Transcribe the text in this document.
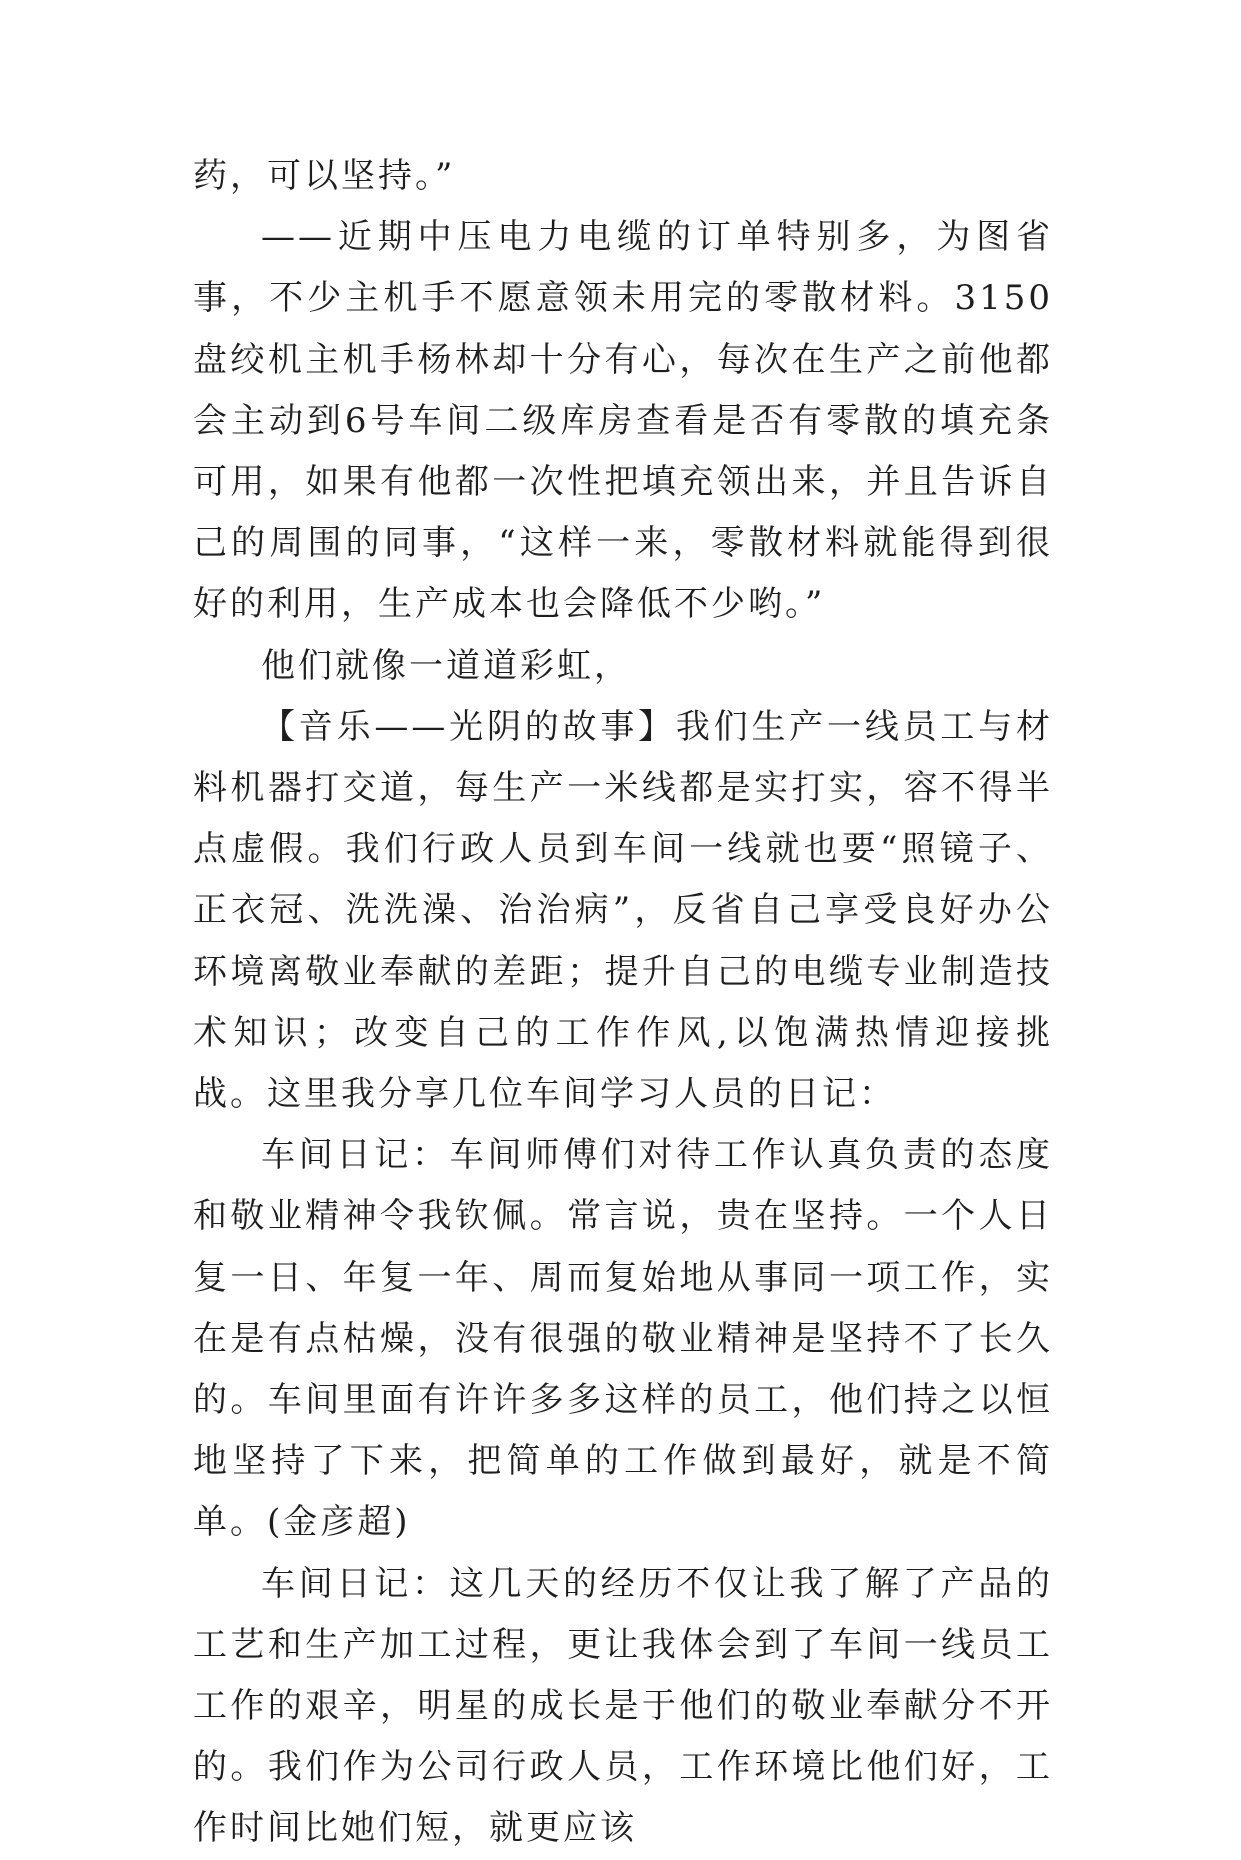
药，可以坚持。”

——近期中压电力电缆的订单特别多，为图省事，不少主机手不愿意领未用完的零散材料。3150盘绞机主机手杨林却十分有心，每次在生产之前他都会主动到6号车间二级库房查看是否有零散的填充条可用，如果有他都一次性把填充领出来，并且告诉自己的周围的同事，“这样一来，零散材料就能得到很好的利用，生产成本也会降低不少哟。”

他们就像一道道彩虹，

【音乐——光阴的故事】我们生产一线员工与材料机器打交道，每生产一米线都是实打实，容不得半点虚假。我们行政人员到车间一线就也要“照镜子、正衣冠、洗洗澡、治治病”，反省自己享受良好办公环境离敬业奉献的差距；提升自己的电缆专业制造技术知识；改变自己的工作作风,以饱满热情迎接挑战。这里我分享几位车间学习人员的日记：

车间日记：车间师傅们对待工作认真负责的态度和敬业精神令我钦佩。常言说，贵在坚持。一个人日复一日、年复一年、周而复始地从事同一项工作，实在是有点枯燥，没有很强的敬业精神是坚持不了长久的。车间里面有许许多多这样的员工，他们持之以恒地坚持了下来，把简单的工作做到最好，就是不简单。(金彦超)

车间日记：这几天的经历不仅让我了解了产品的工艺和生产加工过程，更让我体会到了车间一线员工工作的艰辛，明星的成长是于他们的敬业奉献分不开的。我们作为公司行政人员，工作环境比他们好，工作时间比她们短，就更应该
